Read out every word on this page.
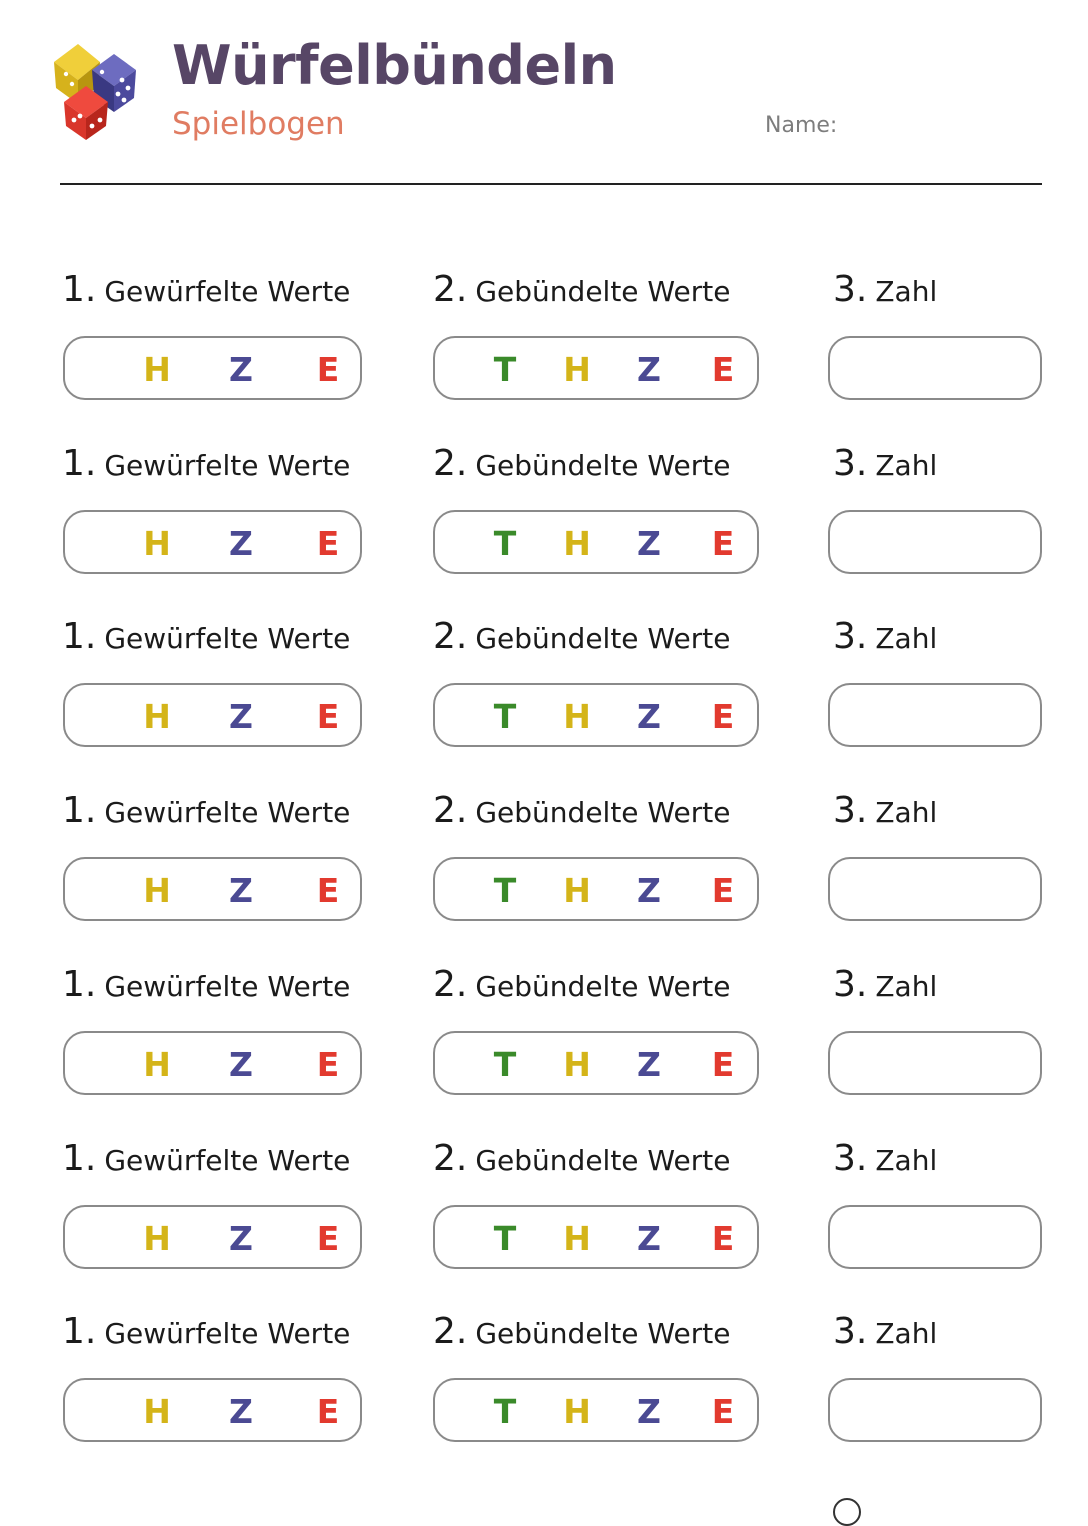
Würfelbündeln
Spielbogen	Name:
1. Gewürfelte Werte 2. Gebündelte Werte	3. Zahl
H Z E	T H Z E
1. Gewürfelte Werte 2. Gebündelte Werte	3. Zahl
H Z E	T H Z E
1. Gewürfelte Werte 2. Gebündelte Werte	3. Zahl
H Z E	T H Z E
1. Gewürfelte Werte 2. Gebündelte Werte	3. Zahl
H Z E	T H Z E
1. Gewürfelte Werte 2. Gebündelte Werte	3. Zahl
H Z E	T H Z E
1. Gewürfelte Werte 2. Gebündelte Werte	3. Zahl
H Z E	T H Z E
1. Gewürfelte Werte 2. Gebündelte Werte	3. Zahl
H Z E	T H Z E
